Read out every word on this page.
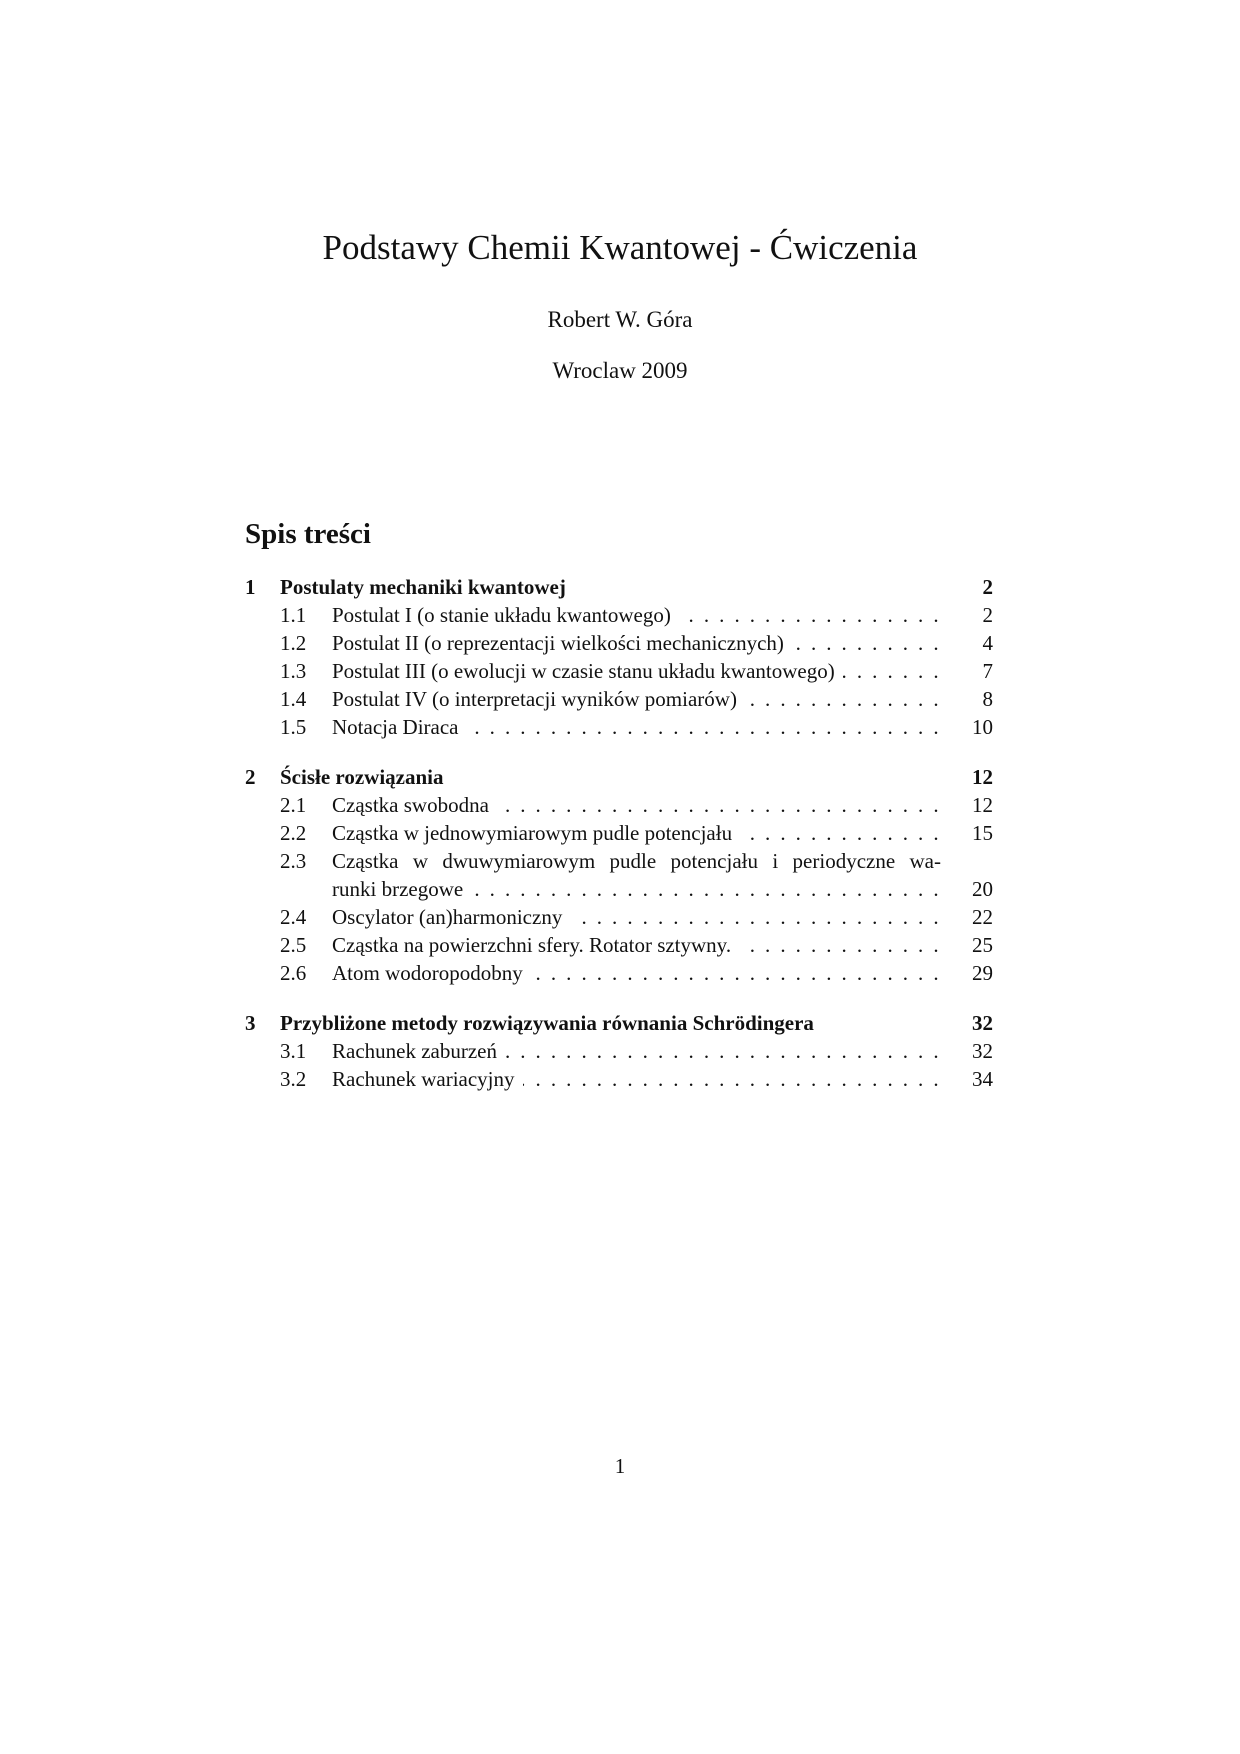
Podstawy Chemii Kwantowej - Ćwiczenia
Robert W. Góra
Wroclaw 2009
Spis treści
1 Postulaty mechaniki kwantowej	2
1.1 Postulat I (o stanie układu kwantowego) . . .	2
1.2 Postulat II (o reprezentacji wielkości mechanicznych) . . .	4
1.3 Postulat III (o ewolucji w czasie stanu układu kwantowego) . . .	7
1.4 Postulat IV (o interpretacji wyników pomiarów) . . .	8
1.5 Notacja Diraca . . .	10
2 Ścisłe rozwiązania	12
2.1 Cząstka swobodna . . .	12
2.2 Cząstka w jednowymiarowym pudle potencjału . . .	15
2.3 Cząstka w dwuwymiarowym pudle potencjału i periodyczne wa-
runki brzegowe . . .	20
2.4 Oscylator (an)harmoniczny . . .	22
2.5 Cząstka na powierzchni sfery. Rotator sztywny. . . .	25
2.6 Atom wodoropodobny . . .	29
3 Przybliżone metody rozwiązywania równania Schrödingera	32
3.1 Rachunek zaburzeń . . .	32
3.2 Rachunek wariacyjny . . .	34
1
